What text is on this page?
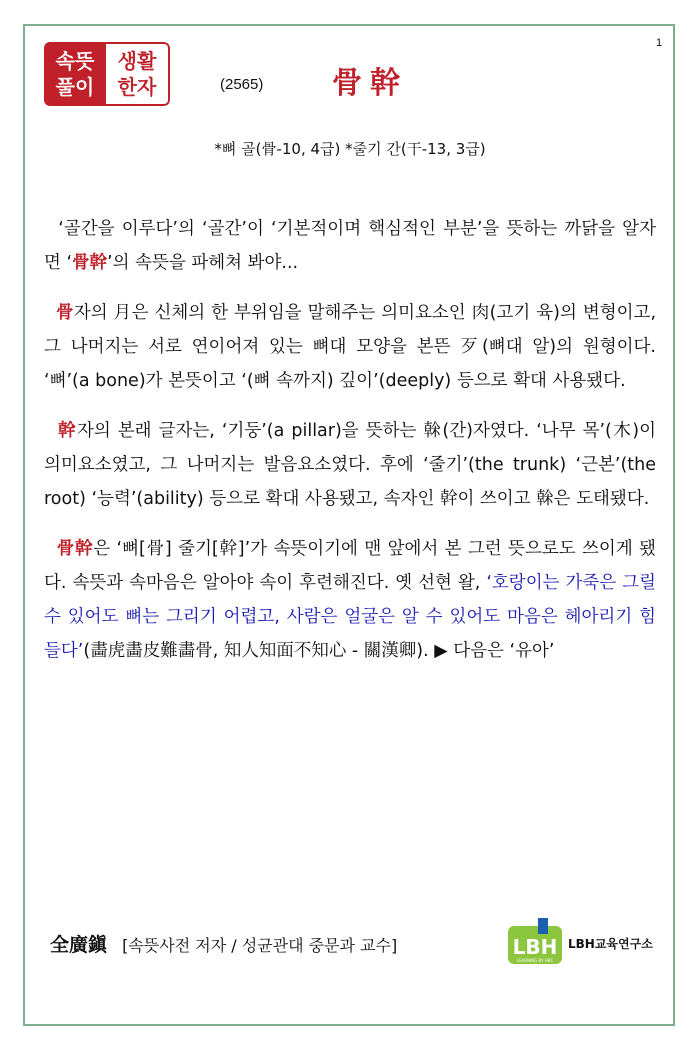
1
속뜻
풀이
생활
한자	(2565) 骨幹
*뼈 골(骨-10, 4급) *줄기 간(干-13, 3급)

‘골간을 이루다’의 ‘골간’이 ‘기본적이며 핵심적인 부분’을 뜻하는 까닭을 알자면 ‘骨幹’의 속뜻을 파헤쳐 봐야...

骨자의 月은 신체의 한 부위임을 말해주는 의미요소인 肉(고기 육)의 변형이고, 그 나머지는 서로 연이어져 있는 뼈대 모양을 본뜬 歹(뼈대 알)의 원형이다. ‘뼈’(a bone)가 본뜻이고 ‘(뼈 속까지) 깊이’(deeply) 등으로 확대 사용됐다.

幹자의 본래 글자는, ‘기둥’(a pillar)을 뜻하는 榦(간)자였다. ‘나무 목’(木)이 의미요소였고, 그 나머지는 발음요소였다. 후에 ‘줄기’(the trunk) ‘근본’(the root) ‘능력’(ability) 등으로 확대 사용됐고, 속자인 幹이 쓰이고 榦은 도태됐다.

骨幹은 ‘뼈[骨] 줄기[幹]’가 속뜻이기에 맨 앞에서 본 그런 뜻으로도 쓰이게 됐다. 속뜻과 속마음은 알아야 속이 후련해진다. 옛 선현 왈, ‘호랑이는 가죽은 그릴 수 있어도 뼈는 그리기 어렵고, 사람은 얼굴은 알 수 있어도 마음은 헤아리기 힘들다’(畵虎畵皮難畵骨, 知人知面不知心 - 關漢卿). ▶ 다음은 ‘유아’

全廣鎭 [속뜻사전 저자 / 성균관대 중문과 교수]	LBH
LEARNING BY HBC
LBH교육연구소
